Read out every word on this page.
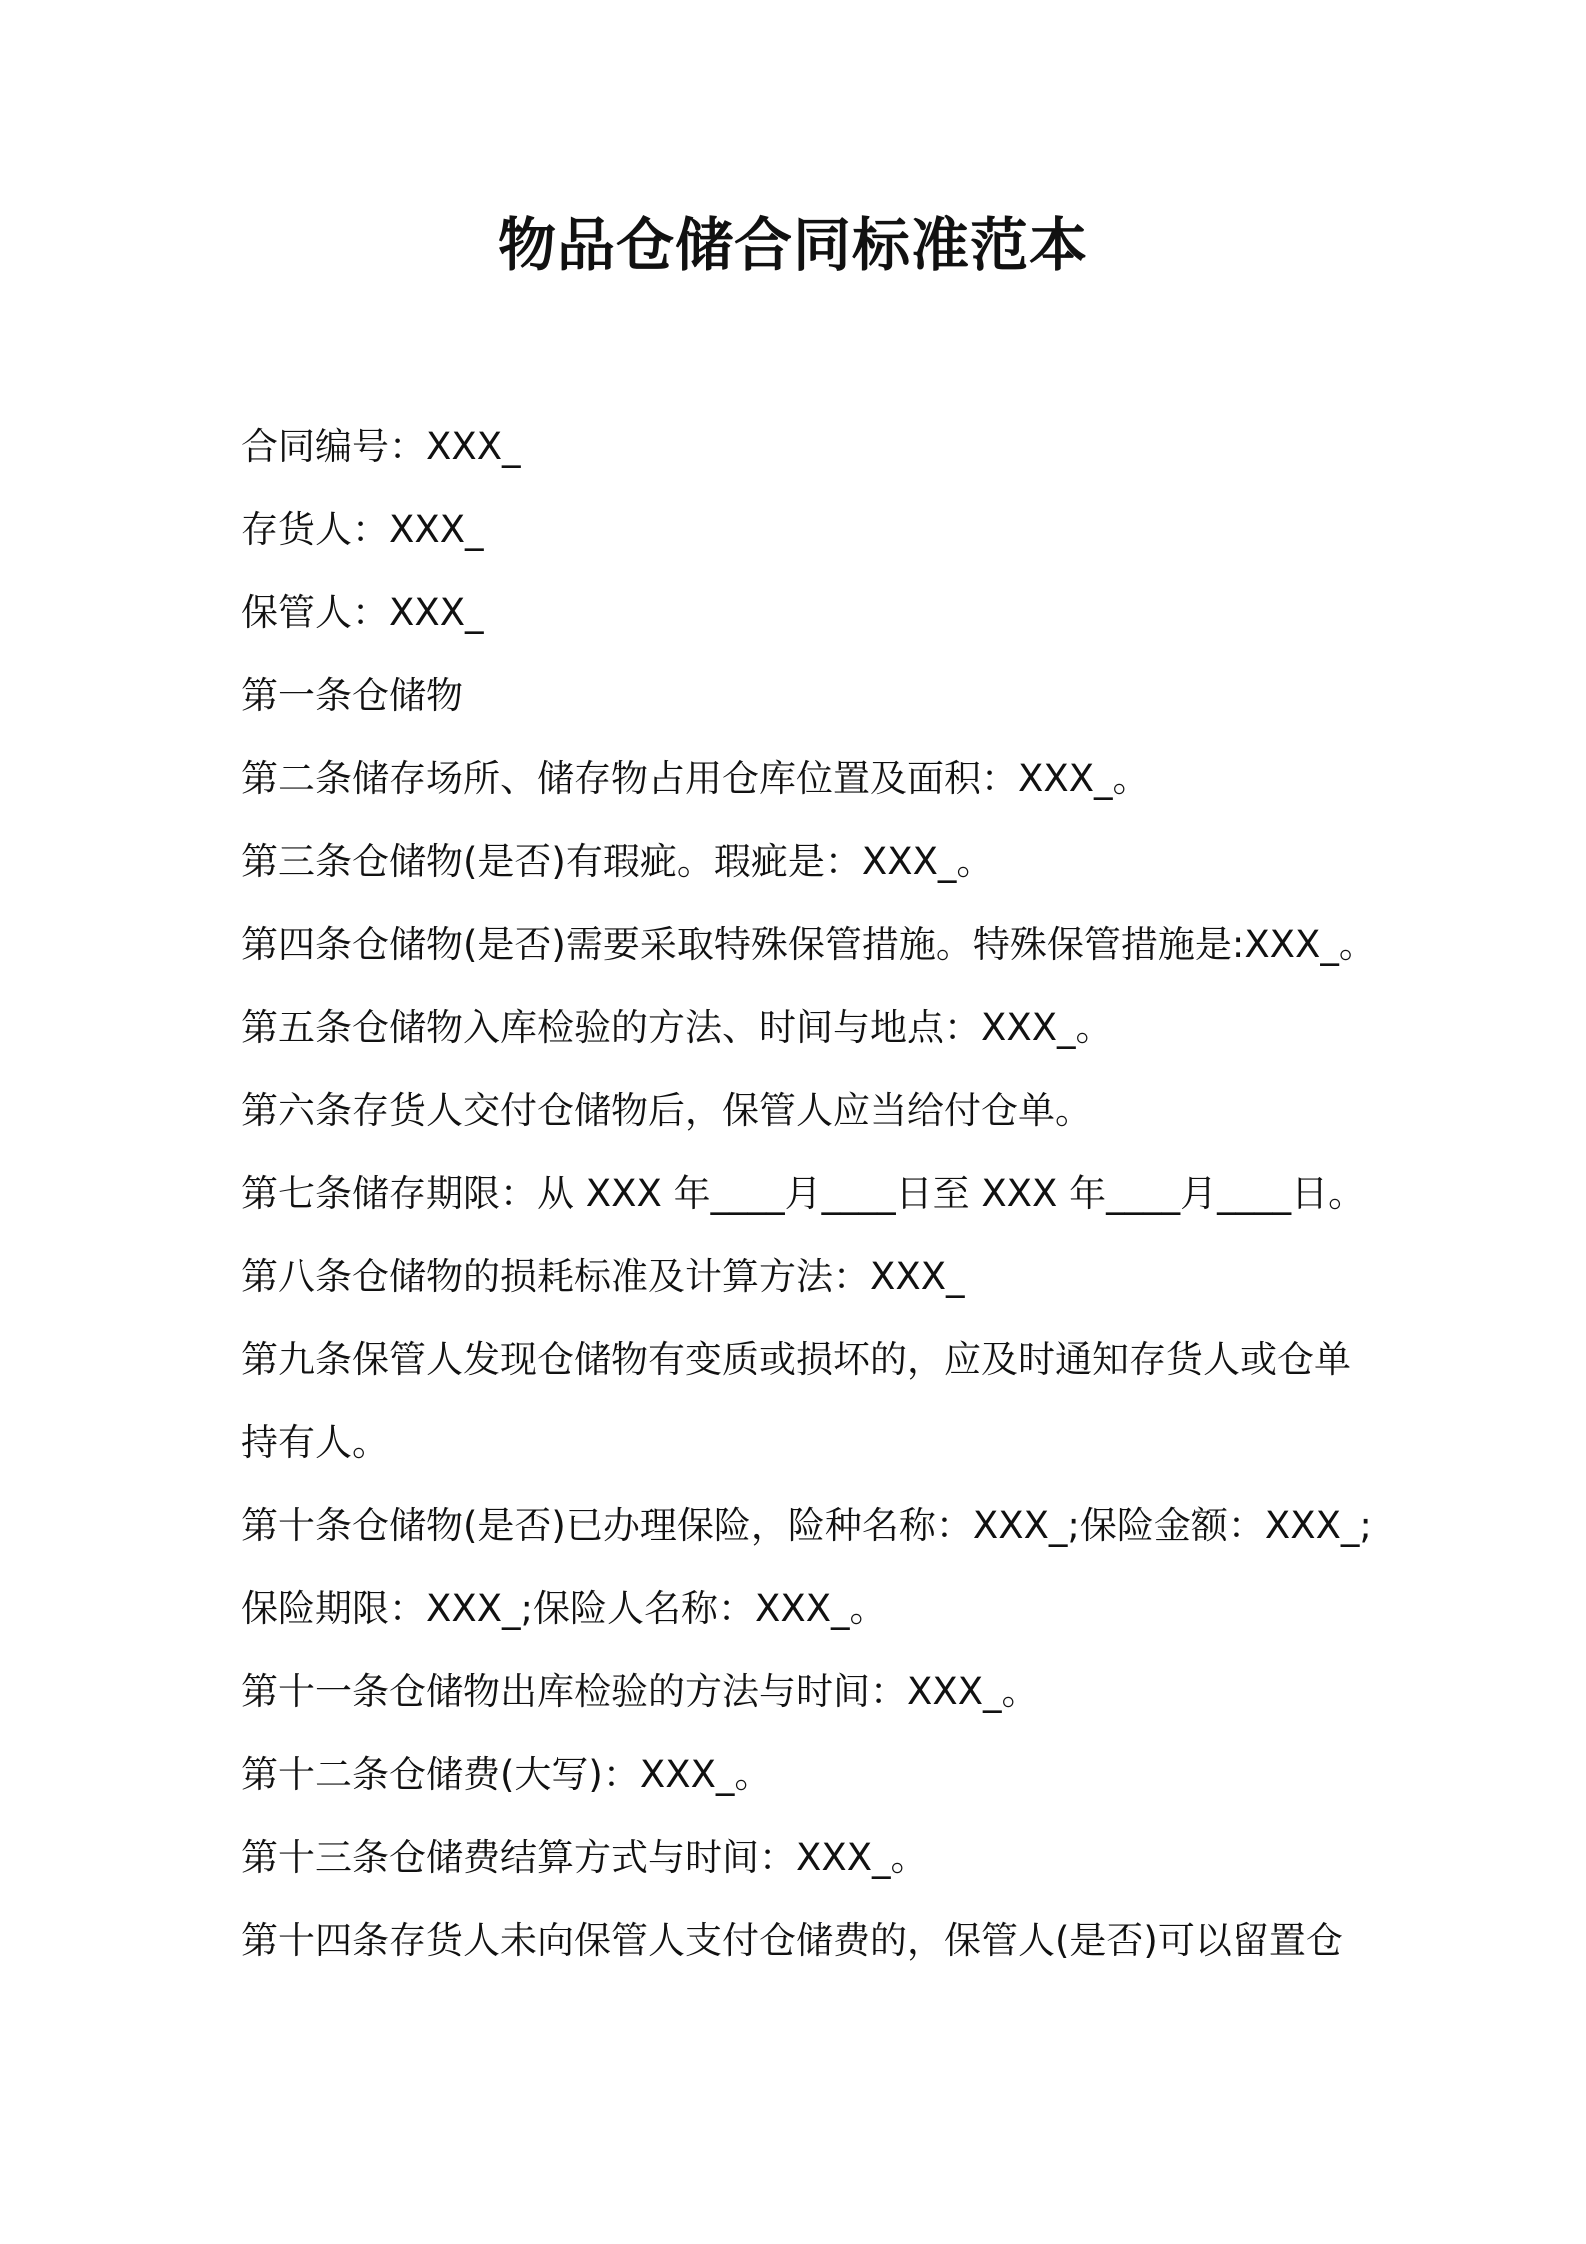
物品仓储合同标准范本
合同编号：XXX_
存货人：XXX_
保管人：XXX_
第一条仓储物
第二条储存场所、储存物占用仓库位置及面积：XXX_。
第三条仓储物(是否)有瑕疵。瑕疵是：XXX_。
第四条仓储物(是否)需要采取特殊保管措施。特殊保管措施是:XXX_。
第五条仓储物入库检验的方法、时间与地点：XXX_。
第六条存货人交付仓储物后，保管人应当给付仓单。
第七条储存期限：从 XXX 年____月____日至 XXX 年____月____日。
第八条仓储物的损耗标准及计算方法：XXX_
第九条保管人发现仓储物有变质或损坏的，应及时通知存货人或仓单
持有人。
第十条仓储物(是否)已办理保险，险种名称：XXX_;保险金额：XXX_;
保险期限：XXX_;保险人名称：XXX_。
第十一条仓储物出库检验的方法与时间：XXX_。
第十二条仓储费(大写)：XXX_。
第十三条仓储费结算方式与时间：XXX_。
第十四条存货人未向保管人支付仓储费的，保管人(是否)可以留置仓
